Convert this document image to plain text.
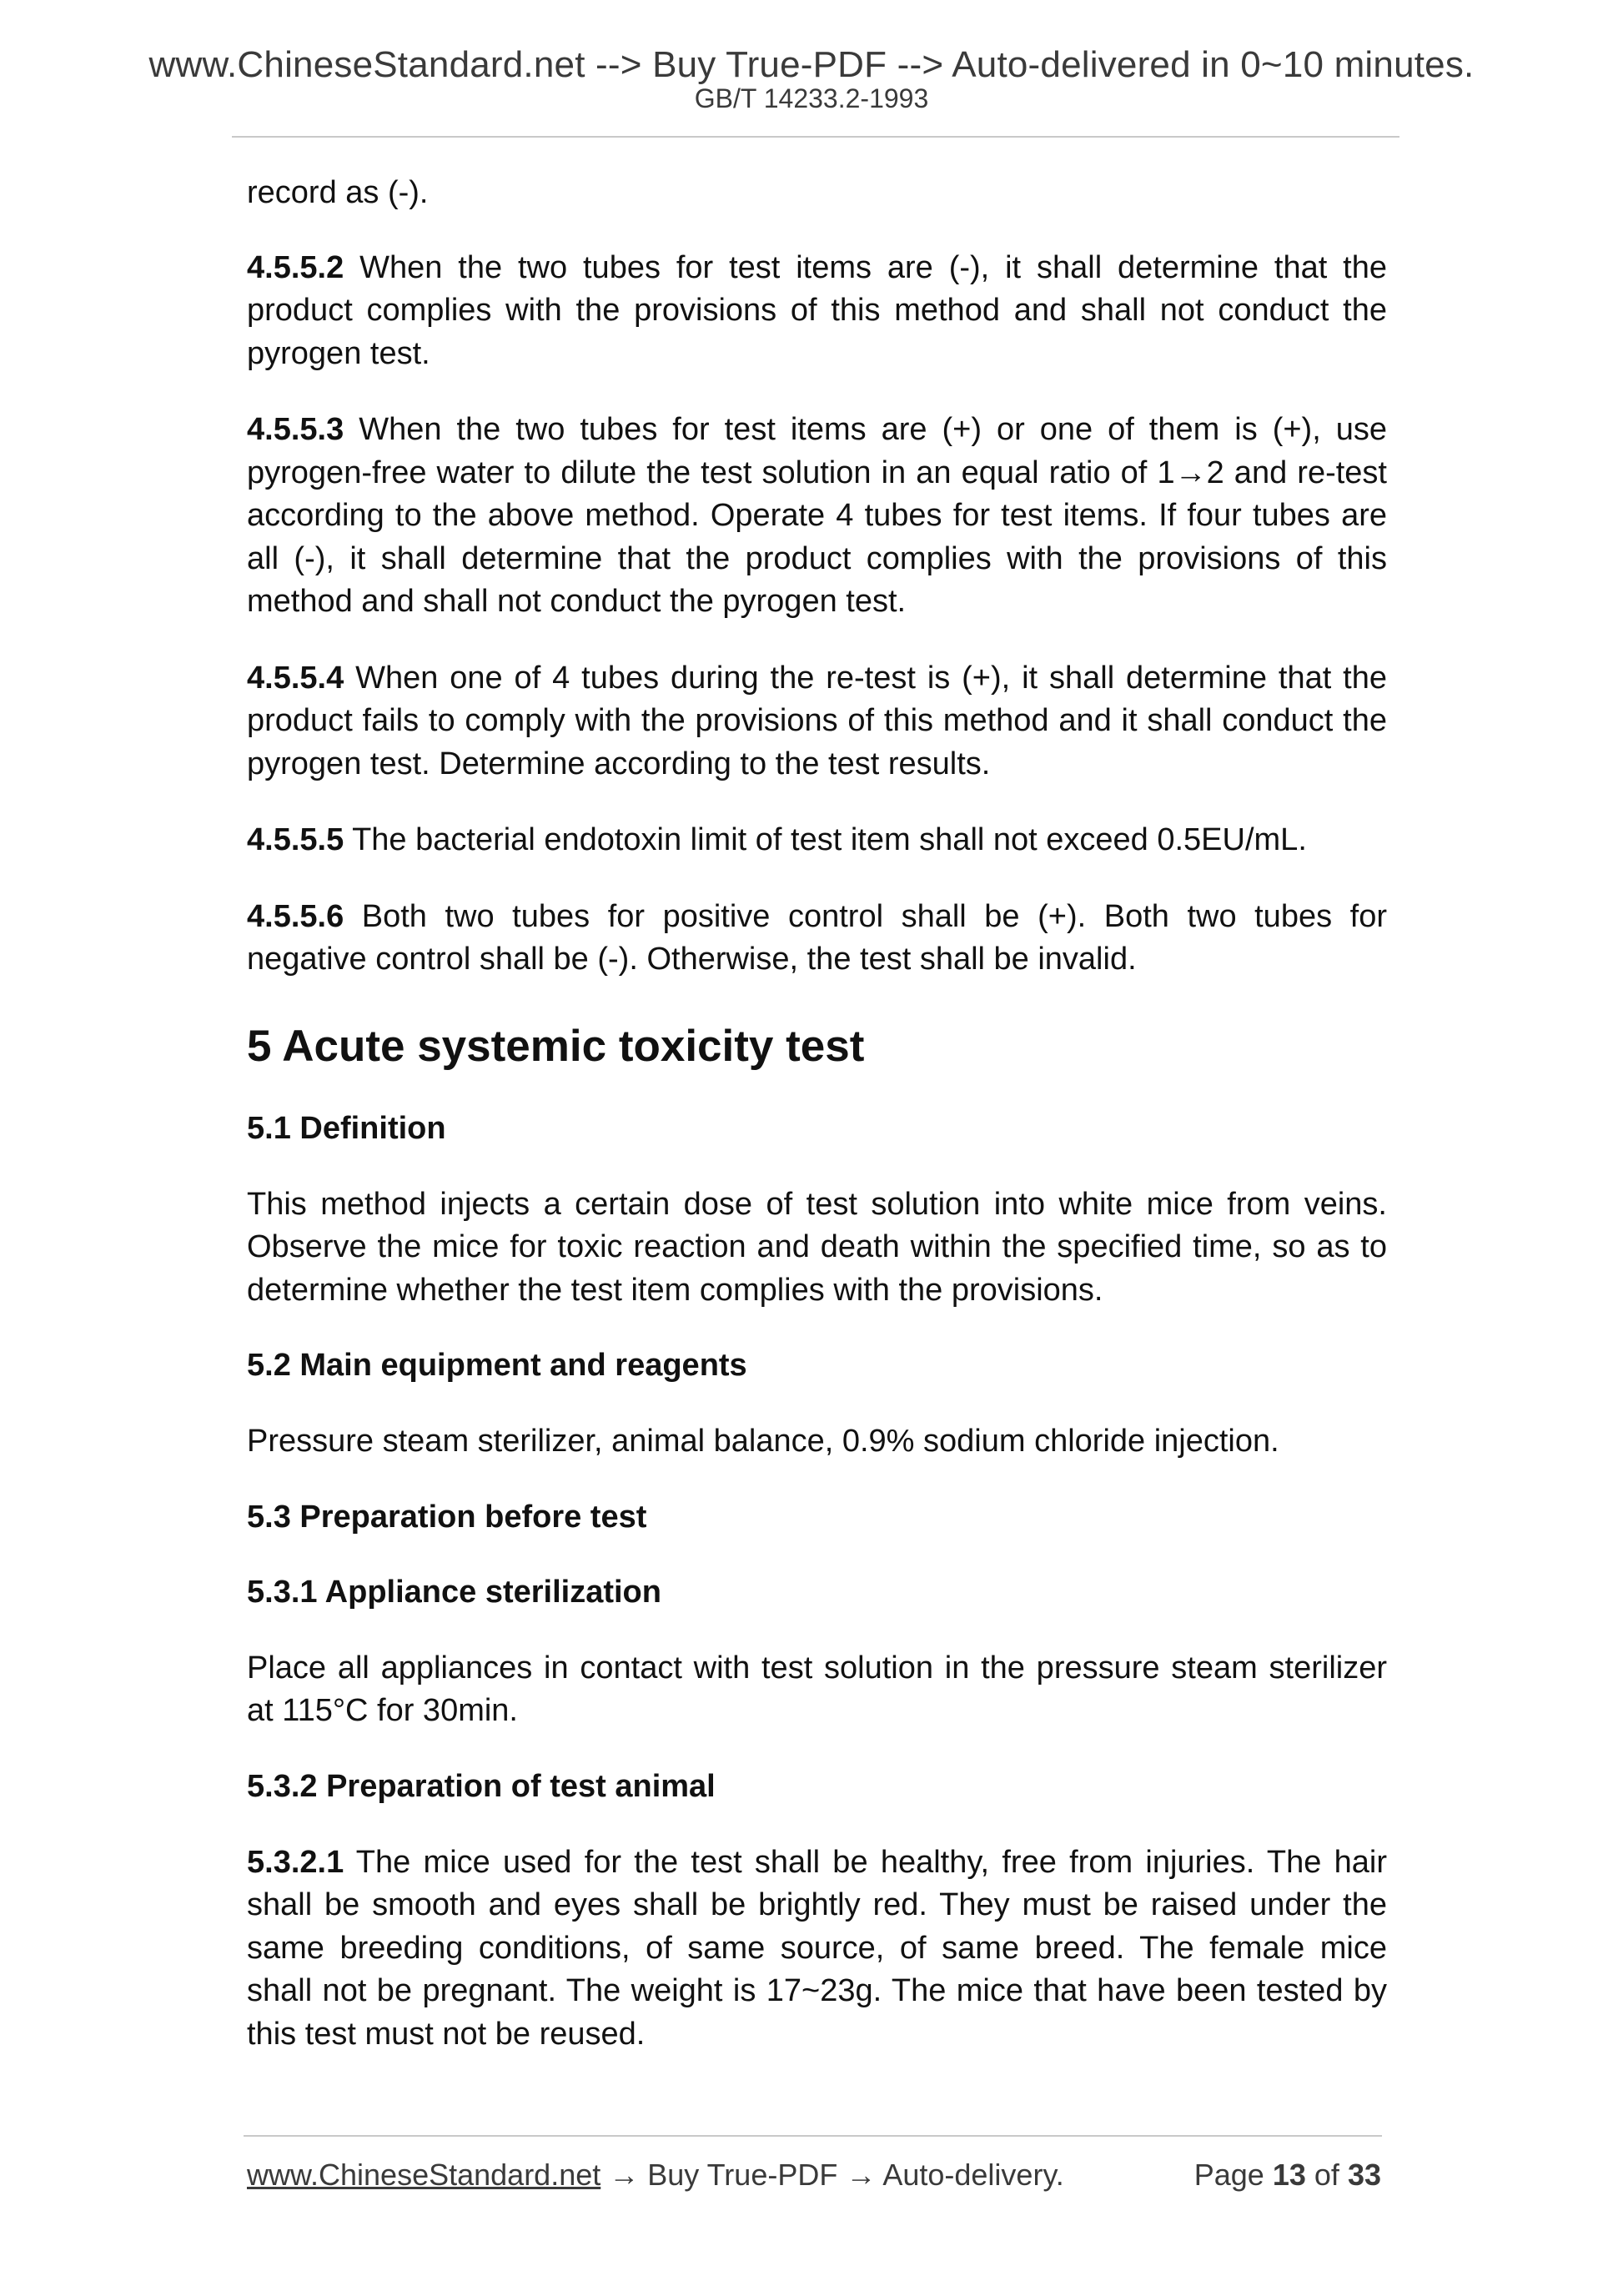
www.ChineseStandard.net --> Buy True-PDF --> Auto-delivered in 0~10 minutes.
GB/T 14233.2-1993

record as (-).

4.5.5.2 When the two tubes for test items are (-), it shall determine that the product complies with the provisions of this method and shall not conduct the pyrogen test.

4.5.5.3 When the two tubes for test items are (+) or one of them is (+), use pyrogen-free water to dilute the test solution in an equal ratio of 1→2 and re-test according to the above method. Operate 4 tubes for test items. If four tubes are all (-), it shall determine that the product complies with the provisions of this method and shall not conduct the pyrogen test.

4.5.5.4 When one of 4 tubes during the re-test is (+), it shall determine that the product fails to comply with the provisions of this method and it shall conduct the pyrogen test. Determine according to the test results.

4.5.5.5 The bacterial endotoxin limit of test item shall not exceed 0.5EU/mL.

4.5.5.6 Both two tubes for positive control shall be (+). Both two tubes for negative control shall be (-). Otherwise, the test shall be invalid.

5 Acute systemic toxicity test
5.1 Definition

This method injects a certain dose of test solution into white mice from veins. Observe the mice for toxic reaction and death within the specified time, so as to determine whether the test item complies with the provisions.

5.2 Main equipment and reagents

Pressure steam sterilizer, animal balance, 0.9% sodium chloride injection.

5.3 Preparation before test
5.3.1 Appliance sterilization

Place all appliances in contact with test solution in the pressure steam sterilizer at 115°C for 30min.

5.3.2 Preparation of test animal

5.3.2.1 The mice used for the test shall be healthy, free from injuries. The hair shall be smooth and eyes shall be brightly red. They must be raised under the same breeding conditions, of same source, of same breed. The female mice shall not be pregnant. The weight is 17~23g. The mice that have been tested by this test must not be reused.

www.ChineseStandard.net → Buy True-PDF → Auto-delivery.	Page 13 of 33
